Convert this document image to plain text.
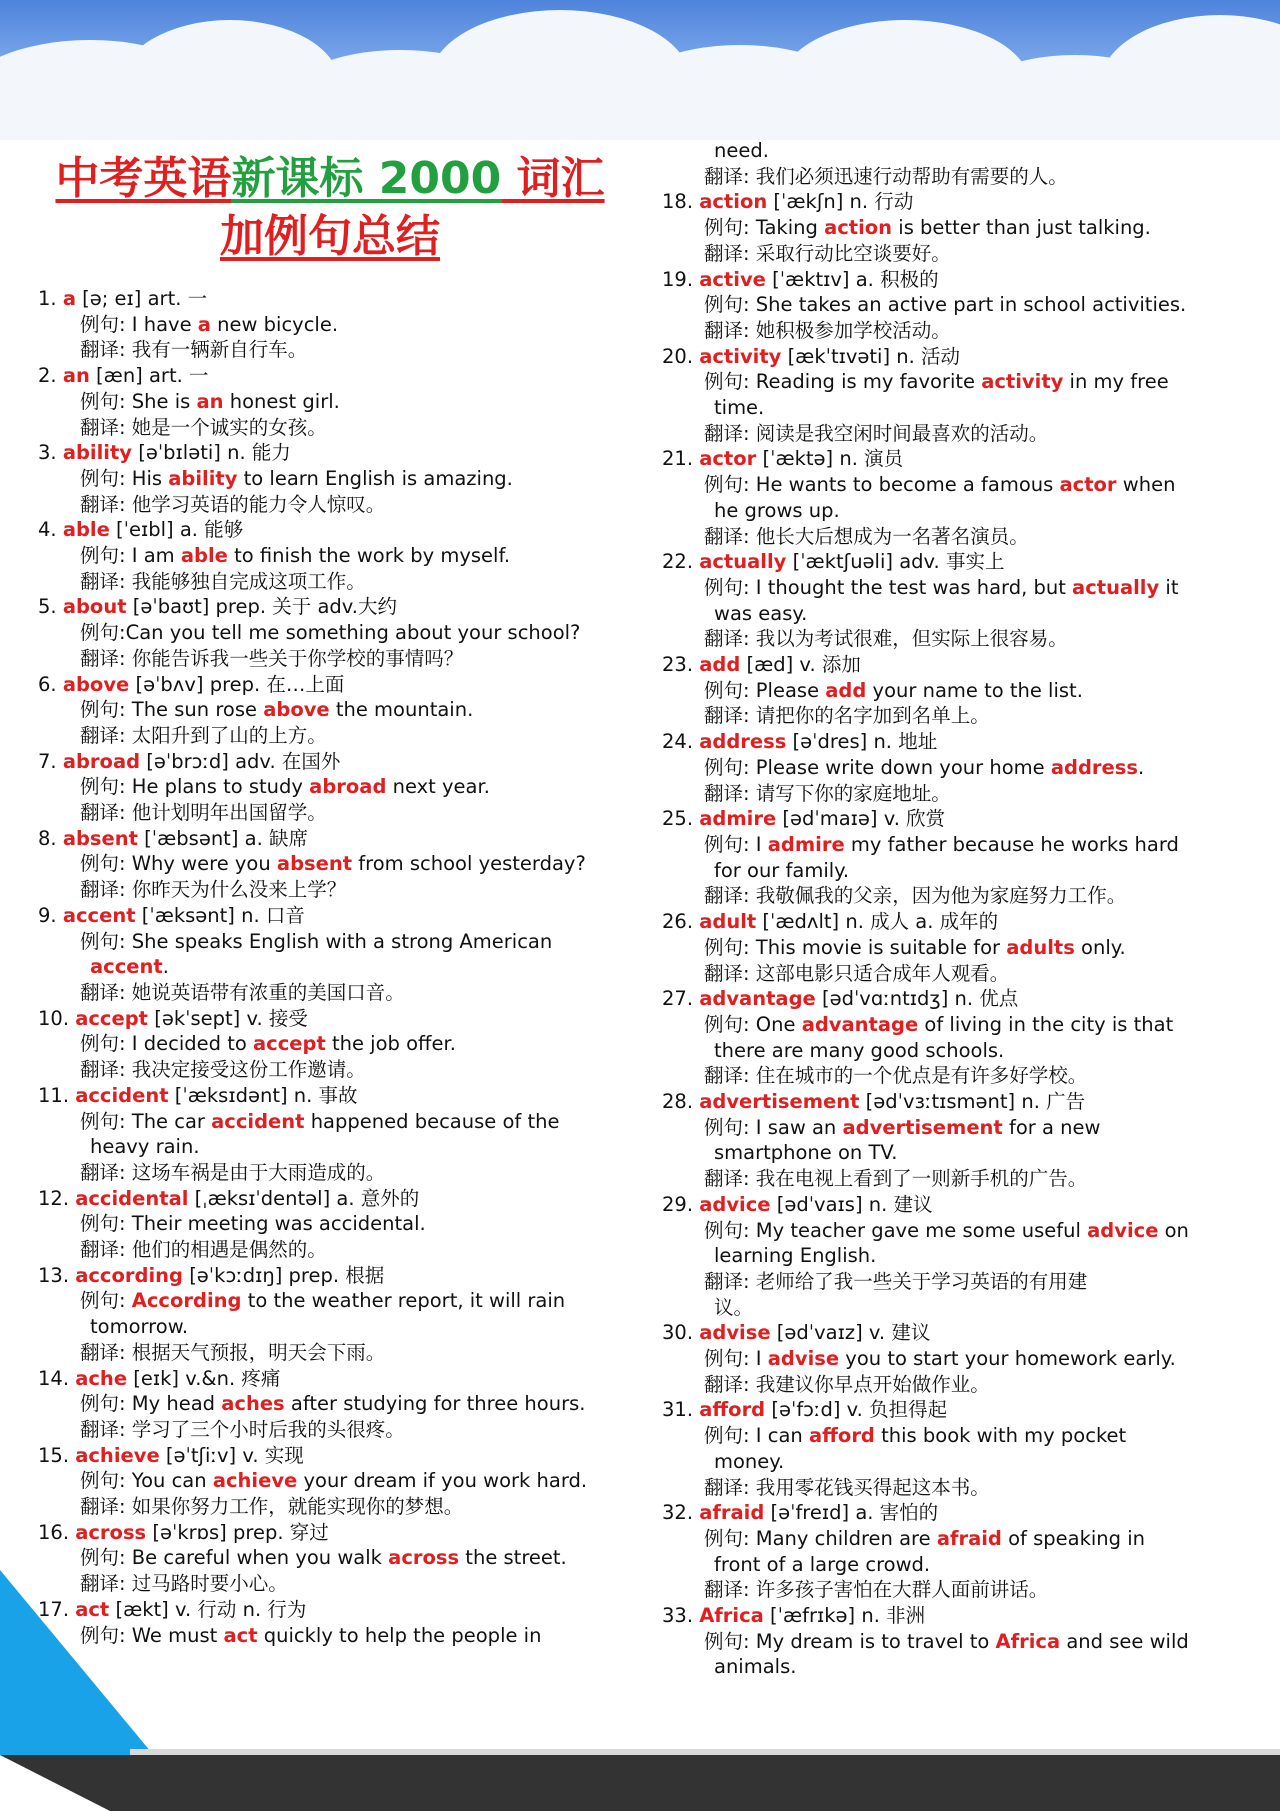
中考英语新课标 2000 词汇
加例句总结
1. a [ə; eɪ] art. 一
例句: I have a new bicycle.
翻译: 我有一辆新自行车。
2. an [æn] art. 一
例句: She is an honest girl.
翻译: 她是一个诚实的女孩。
3. ability [əˈbɪləti] n. 能力
例句: His ability to learn English is amazing.
翻译: 他学习英语的能力令人惊叹。
4. able [ˈeɪbl] a. 能够
例句: I am able to finish the work by myself.
翻译: 我能够独自完成这项工作。
5. about [əˈbaʊt] prep. 关于 adv.大约
例句:Can you tell me something about your school?
翻译: 你能告诉我一些关于你学校的事情吗？
6. above [əˈbʌv] prep. 在…上面
例句: The sun rose above the mountain.
翻译: 太阳升到了山的上方。
7. abroad [əˈbrɔːd] adv. 在国外
例句: He plans to study abroad next year.
翻译: 他计划明年出国留学。
8. absent [ˈæbsənt] a. 缺席
例句: Why were you absent from school yesterday?
翻译: 你昨天为什么没来上学？
9. accent [ˈæksənt] n. 口音
例句: She speaks English with a strong American
accent.
翻译: 她说英语带有浓重的美国口音。
10. accept [əkˈsept] v. 接受
例句: I decided to accept the job offer.
翻译: 我决定接受这份工作邀请。
11. accident [ˈæksɪdənt] n. 事故
例句: The car accident happened because of the
heavy rain.
翻译: 这场车祸是由于大雨造成的。
12. accidental [ˌæksɪˈdentəl] a. 意外的
例句: Their meeting was accidental.
翻译: 他们的相遇是偶然的。
13. according [əˈkɔːdɪŋ] prep. 根据
例句: According to the weather report, it will rain
tomorrow.
翻译: 根据天气预报，明天会下雨。
14. ache [eɪk] v.&n. 疼痛
例句: My head aches after studying for three hours.
翻译: 学习了三个小时后我的头很疼。
15. achieve [əˈtʃiːv] v. 实现
例句: You can achieve your dream if you work hard.
翻译: 如果你努力工作，就能实现你的梦想。
16. across [əˈkrɒs] prep. 穿过
例句: Be careful when you walk across the street.
翻译: 过马路时要小心。
17. act [ækt] v. 行动 n. 行为
例句: We must act quickly to help the people in
need.
翻译: 我们必须迅速行动帮助有需要的人。
18. action [ˈækʃn] n. 行动
例句: Taking action is better than just talking.
翻译: 采取行动比空谈要好。
19. active [ˈæktɪv] a. 积极的
例句: She takes an active part in school activities.
翻译: 她积极参加学校活动。
20. activity [ækˈtɪvəti] n. 活动
例句: Reading is my favorite activity in my free
time.
翻译: 阅读是我空闲时间最喜欢的活动。
21. actor [ˈæktə] n. 演员
例句: He wants to become a famous actor when
he grows up.
翻译: 他长大后想成为一名著名演员。
22. actually [ˈæktʃuəli] adv. 事实上
例句: I thought the test was hard, but actually it
was easy.
翻译: 我以为考试很难，但实际上很容易。
23. add [æd] v. 添加
例句: Please add your name to the list.
翻译: 请把你的名字加到名单上。
24. address [əˈdres] n. 地址
例句: Please write down your home address.
翻译: 请写下你的家庭地址。
25. admire [ədˈmaɪə] v. 欣赏
例句: I admire my father because he works hard
for our family.
翻译: 我敬佩我的父亲，因为他为家庭努力工作。
26. adult [ˈædʌlt] n. 成人 a. 成年的
例句: This movie is suitable for adults only.
翻译: 这部电影只适合成年人观看。
27. advantage [ədˈvɑːntɪdʒ] n. 优点
例句: One advantage of living in the city is that
there are many good schools.
翻译: 住在城市的一个优点是有许多好学校。
28. advertisement [ədˈvɜːtɪsmənt] n. 广告
例句: I saw an advertisement for a new
smartphone on TV.
翻译: 我在电视上看到了一则新手机的广告。
29. advice [ədˈvaɪs] n. 建议
例句: My teacher gave me some useful advice on
learning English.
翻译: 老师给了我一些关于学习英语的有用建
议。
30. advise [ədˈvaɪz] v. 建议
例句: I advise you to start your homework early.
翻译: 我建议你早点开始做作业。
31. afford [əˈfɔːd] v. 负担得起
例句: I can afford this book with my pocket
money.
翻译: 我用零花钱买得起这本书。
32. afraid [əˈfreɪd] a. 害怕的
例句: Many children are afraid of speaking in
front of a large crowd.
翻译: 许多孩子害怕在大群人面前讲话。
33. Africa [ˈæfrɪkə] n. 非洲
例句: My dream is to travel to Africa and see wild
animals.
